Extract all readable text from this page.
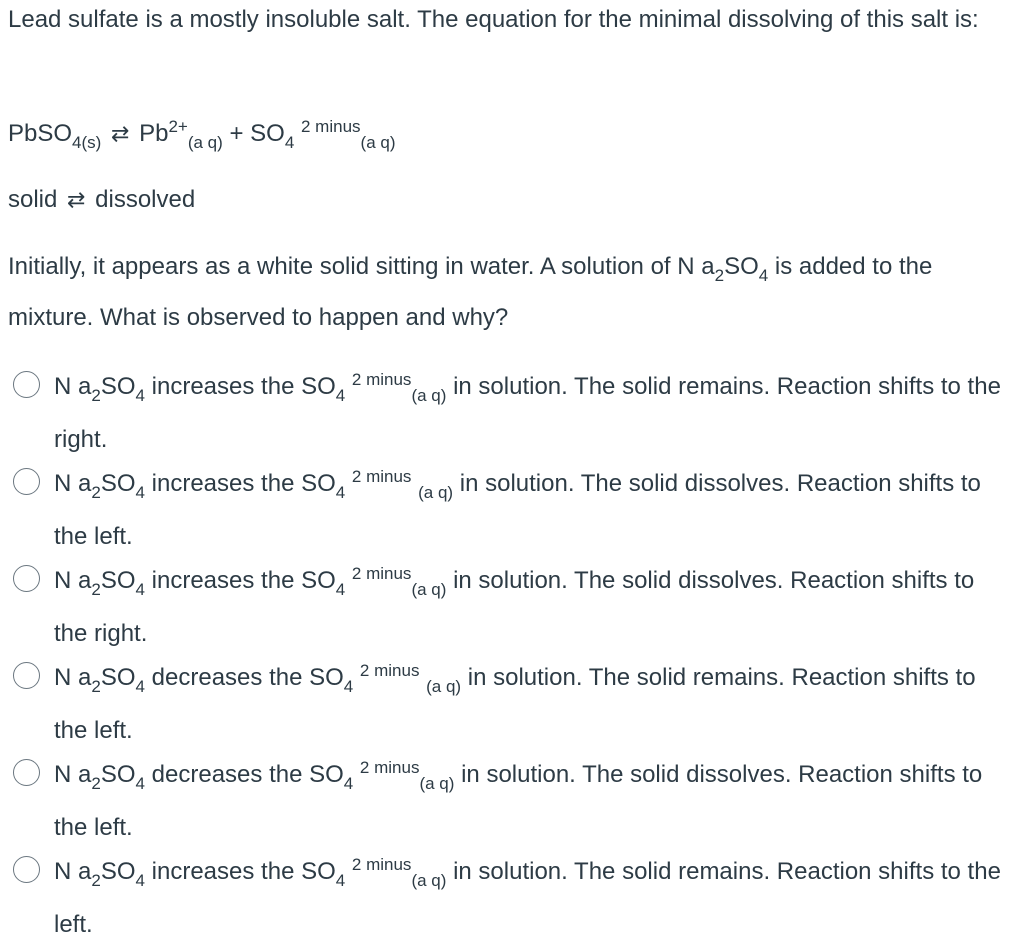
Lead sulfate is a mostly insoluble salt. The equation for the minimal dissolving of this salt is:

PbSO$_{4(s)}$ ⇄ $Pb^{2+}_{(a q)} + SO_4$ $^{2 minus}_{(a q)}$
solid ⇄ dissolved
Initially, it appears as a white solid sitting in water. A solution of N $a_2SO_4$ is added to the mixture. What is observed to happen and why?
N $a_2SO_4$ increases the $SO_4$ $^{2 minus}_{(a q)}$ in solution. The solid remains. Reaction shifts to the right.
N $a_2SO_4$ increases the $SO_4$ $^{2 minus}$ $_{(a q)}$ in solution. The solid dissolves. Reaction shifts to the left.
N $a_2SO_4$ increases the $SO_4$ $^{2 minus}_{(a q)}$ in solution. The solid dissolves. Reaction shifts to the right.
N $a_2SO_4$ decreases the $SO_4$ $^{2 minus}$ $_{(a q)}$ in solution. The solid remains. Reaction shifts to the left.
N $a_2SO_4$ decreases the $SO_4$ $^{2 minus}_{(a q)}$ in solution. The solid dissolves. Reaction shifts to the left.
N $a_2SO_4$ increases the $SO_4$ $^{2 minus}_{(a q)}$ in solution. The solid remains. Reaction shifts to the left.
